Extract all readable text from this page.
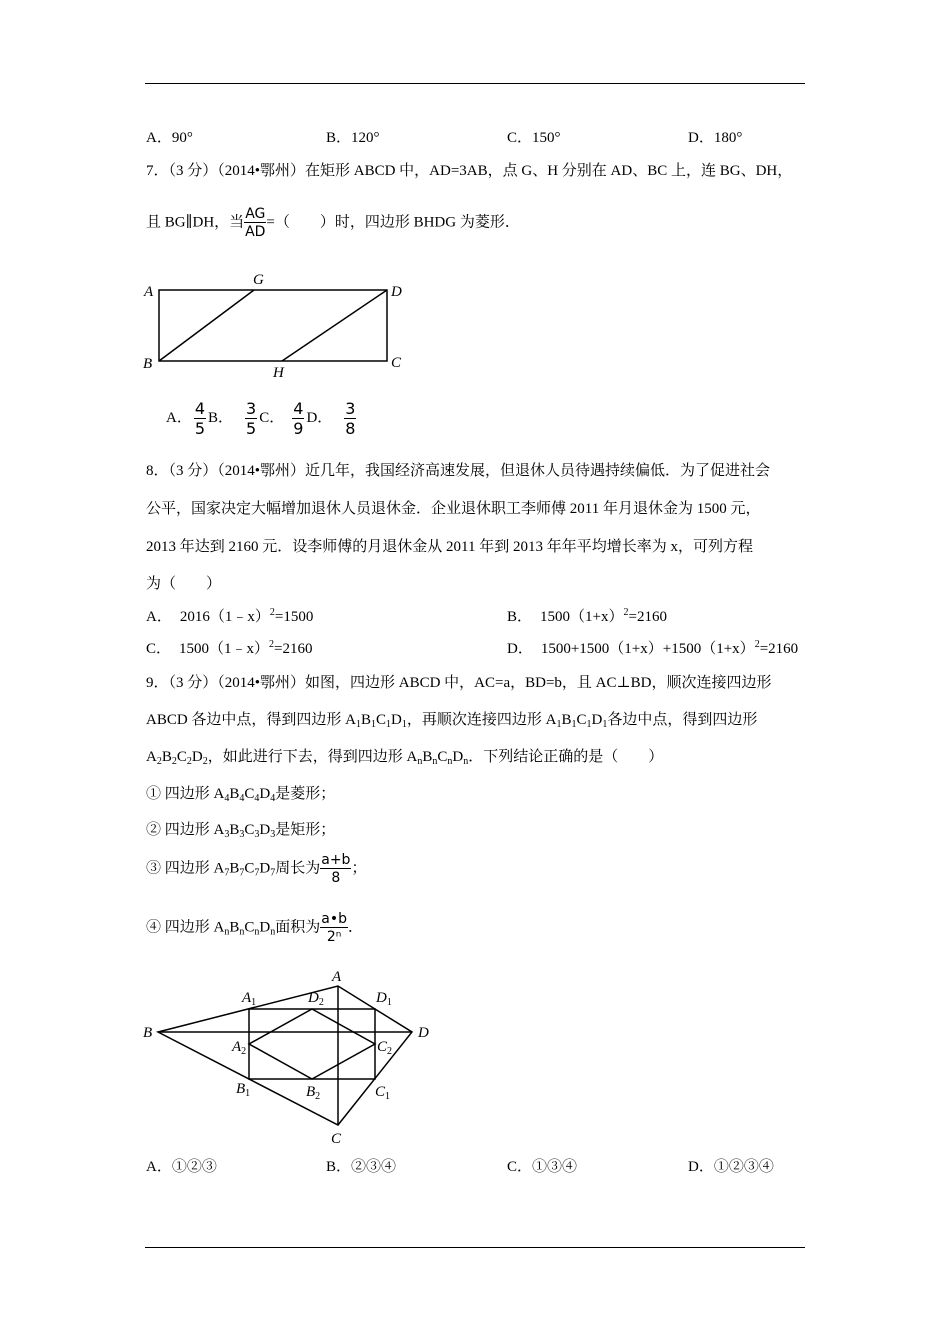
A．90°	B．120°	C．150°	D．180°
7．（3 分）（2014•鄂州）在矩形 ABCD 中，AD=3AB，点 G、H 分别在 AD、BC 上，连 BG、DH，
且 BG∥DH，当 $\frac{AG}{AD}$ =（　　）时，四边形 BHDG 为菱形．
A
G
D
B
H
C
A． $\frac{4}{5}$ B． $\frac{3}{5}$ C． $\frac{4}{9}$ D． $\frac{3}{8}$
8．（3 分）（2014•鄂州）近几年，我国经济高速发展，但退休人员待遇持续偏低．为了促进社会
公平，国家决定大幅增加退休人员退休金．企业退休职工李师傅 2011 年月退休金为 1500 元，
2013 年达到 2160 元．设李师傅的月退休金从 2011 年到 2013 年年平均增长率为 x，可列方程
为（　　）
A． 2016（1﹣x）$^2$=1500	B． $1500(1+x)^2=2160$
C． 1500（1﹣x）$^2$=2160	D． $1500+1500(1+x)+1500(1+x)^2=2160$
9．（3 分）（2014•鄂州）如图，四边形 ABCD 中，AC=a，BD=b，且 AC⊥BD，顺次连接四边形
ABCD 各边中点，得到四边形 $A_1B_1C_1D_1$，再顺次连接四边形 $A_1B_1C_1D_1$各边中点，得到四边形
$A_2B_2C_2D_2$，如此进行下去，得到四边形 $A_nB_nC_nD_n$．下列结论正确的是（　　）
① 四边形 $A_4B_4C_4D_4$是菱形；
② 四边形 $A_3B_3C_3D_3$是矩形；
③ 四边形 $A_7B_7C_7D_7$周长为 $\frac{a+b}{8}$ ；
④ 四边形 $A_nB_nC_nD_n$面积为 $\frac{a•b}{\text{2ⁿ}}$ ．
B
A
D
C
$A_1$	$D_2$	$D_1$
$A_2$	$C_2$
$B_1$	$B_2$	$C_1$
A．①②③	B．②③④	C．①③④	D．①②③④
